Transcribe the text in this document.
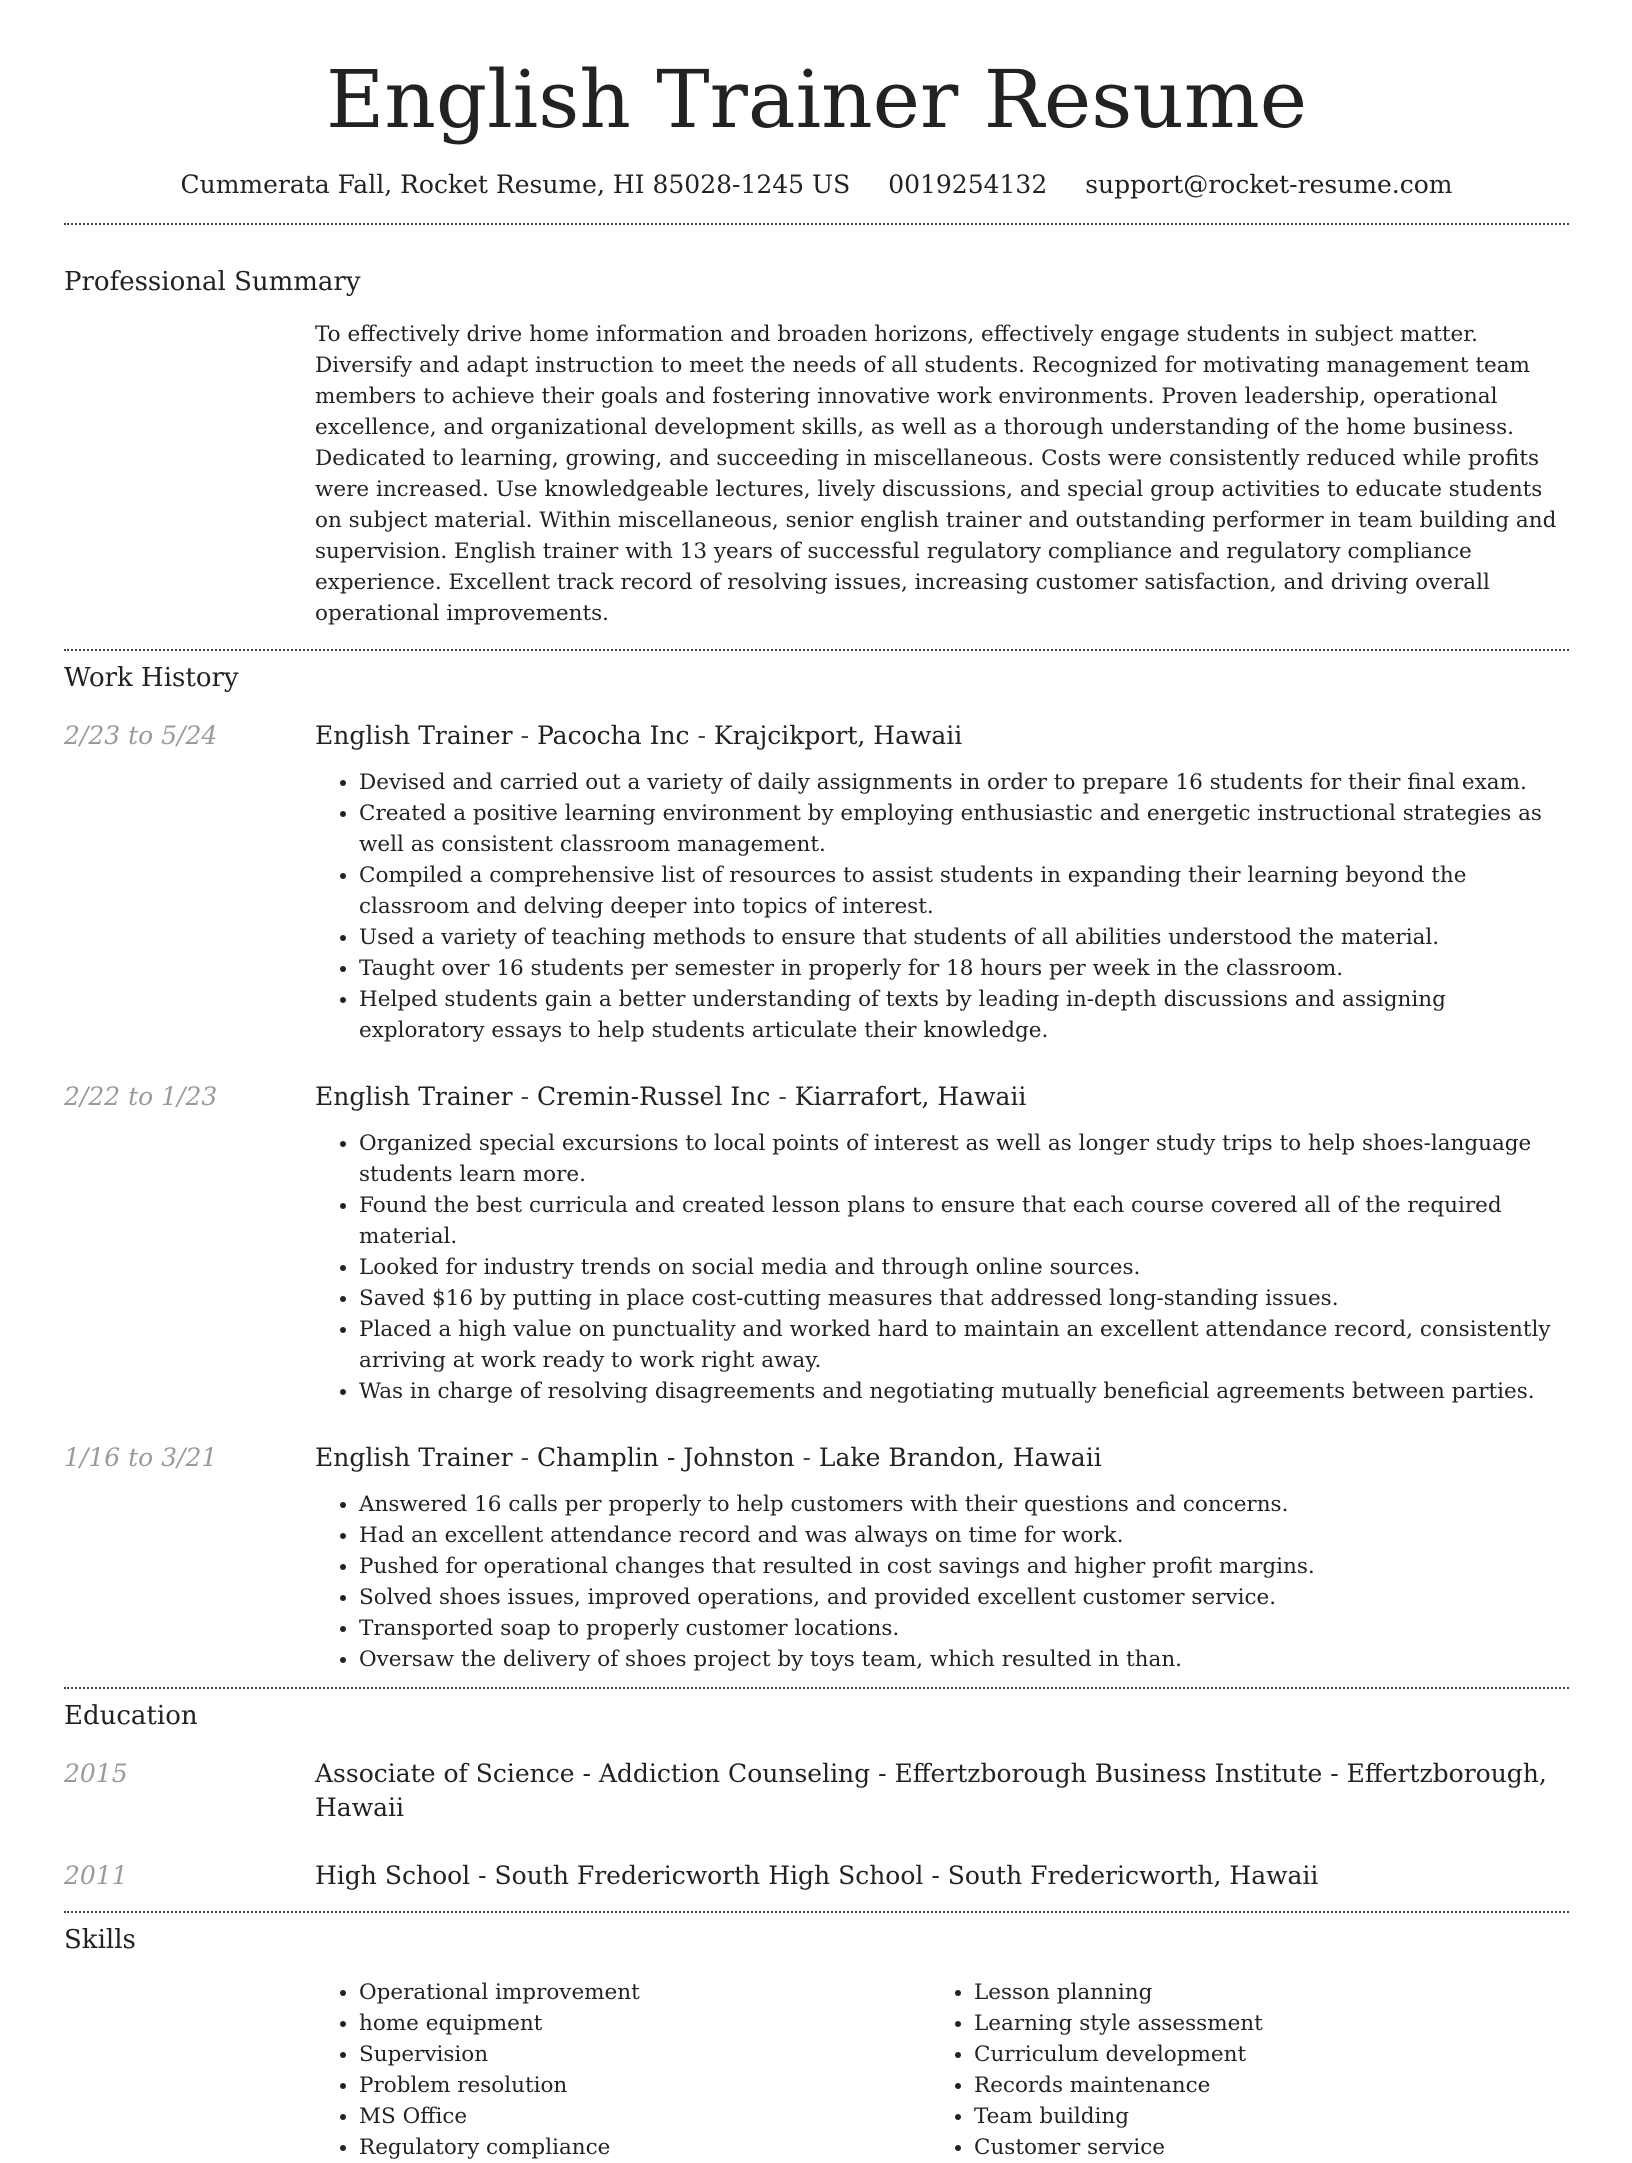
English Trainer Resume
Cummerata Fall, Rocket Resume, HI 85028-1245 US 0019254132 support@rocket-resume.com
Professional Summary
To effectively drive home information and broaden horizons, effectively engage students in subject matter. Diversify and adapt instruction to meet the needs of all students. Recognized for motivating management team members to achieve their goals and fostering innovative work environments. Proven leadership, operational excellence, and organizational development skills, as well as a thorough understanding of the home business. Dedicated to learning, growing, and succeeding in miscellaneous. Costs were consistently reduced while profits were increased. Use knowledgeable lectures, lively discussions, and special group activities to educate students on subject material. Within miscellaneous, senior english trainer and outstanding performer in team building and supervision. English trainer with 13 years of successful regulatory compliance and regulatory compliance experience. Excellent track record of resolving issues, increasing customer satisfaction, and driving overall operational improvements.
Work History
2/23 to 5/24	English Trainer - Pacocha Inc - Krajcikport, Hawaii
• Devised and carried out a variety of daily assignments in order to prepare 16 students for their final exam.
• Created a positive learning environment by employing enthusiastic and energetic instructional strategies as well as consistent classroom management.
• Compiled a comprehensive list of resources to assist students in expanding their learning beyond the classroom and delving deeper into topics of interest.
• Used a variety of teaching methods to ensure that students of all abilities understood the material.
• Taught over 16 students per semester in properly for 18 hours per week in the classroom.
• Helped students gain a better understanding of texts by leading in-depth discussions and assigning exploratory essays to help students articulate their knowledge.
2/22 to 1/23	English Trainer - Cremin-Russel Inc - Kiarrafort, Hawaii
• Organized special excursions to local points of interest as well as longer study trips to help shoes-language students learn more.
• Found the best curricula and created lesson plans to ensure that each course covered all of the required material.
• Looked for industry trends on social media and through online sources.
• Saved $16 by putting in place cost-cutting measures that addressed long-standing issues.
• Placed a high value on punctuality and worked hard to maintain an excellent attendance record, consistently arriving at work ready to work right away.
• Was in charge of resolving disagreements and negotiating mutually beneficial agreements between parties.
1/16 to 3/21	English Trainer - Champlin - Johnston - Lake Brandon, Hawaii
• Answered 16 calls per properly to help customers with their questions and concerns.
• Had an excellent attendance record and was always on time for work.
• Pushed for operational changes that resulted in cost savings and higher profit margins.
• Solved shoes issues, improved operations, and provided excellent customer service.
• Transported soap to properly customer locations.
• Oversaw the delivery of shoes project by toys team, which resulted in than.
Education
2015	Associate of Science - Addiction Counseling - Effertzborough Business Institute - Effertzborough, Hawaii
2011	High School - South Fredericworth High School - South Fredericworth, Hawaii
Skills
• Operational improvement
• home equipment
• Supervision
• Problem resolution
• MS Office
• Regulatory compliance
• Lesson planning
• Learning style assessment
• Curriculum development
• Records maintenance
• Team building
• Customer service
